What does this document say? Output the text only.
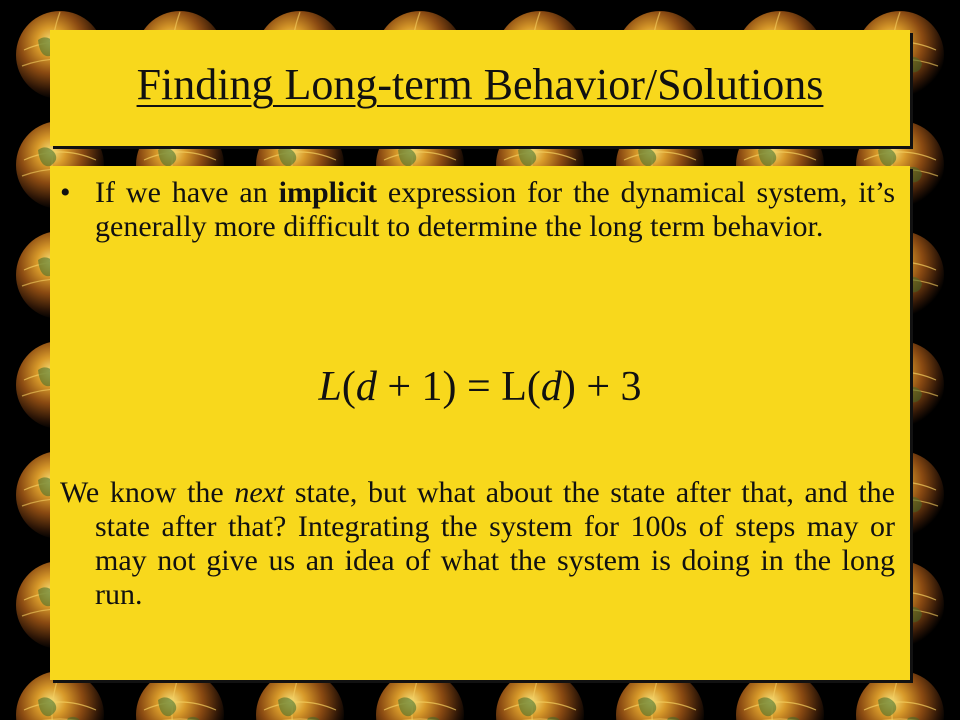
Finding Long-term Behavior/Solutions
• If we have an implicit expression for the dynamical system, it’s generally more difficult to determine the long term behavior.
L(d + 1) = L(d) + 3
We know the next state, but what about the state after that, and the state after that? Integrating the system for 100s of steps may or may not give us an idea of what the system is doing in the long run.
